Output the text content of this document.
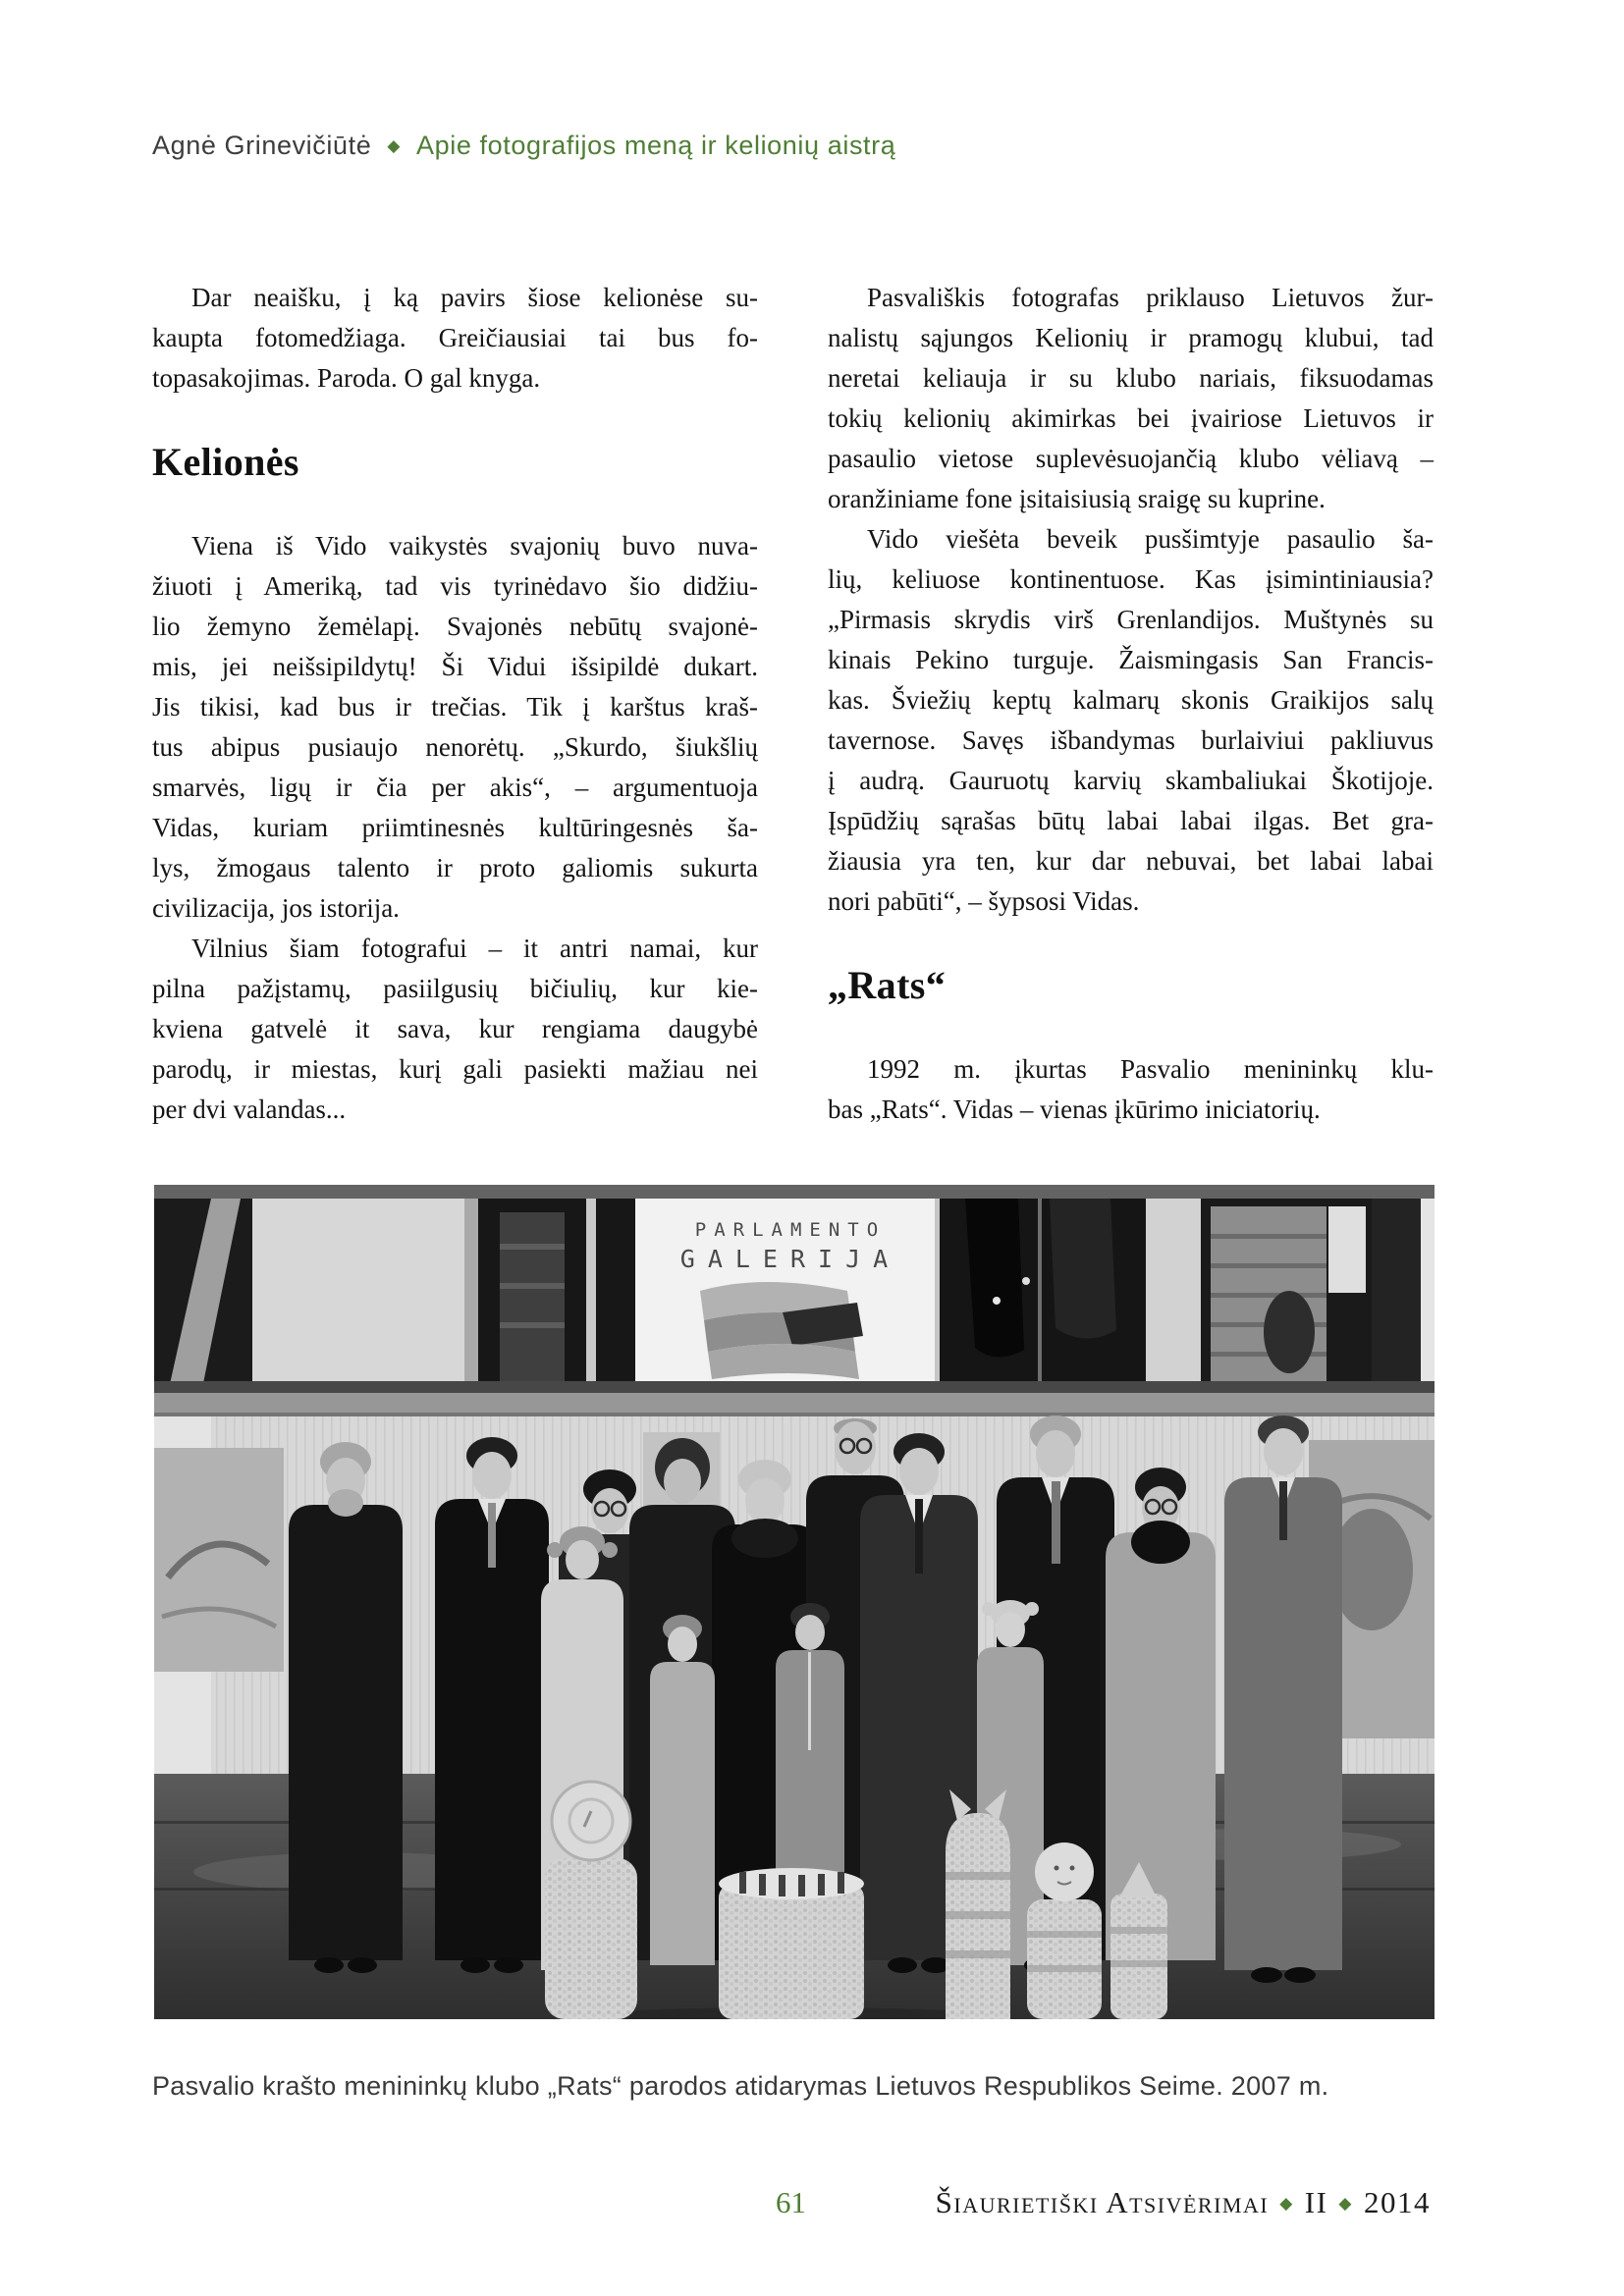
Agnė Grinevičiūtė ◆ Apie fotografijos meną ir kelionių aistrą
Dar neaišku, į ką pavirs šiose kelionėse su-
kaupta fotomedžiaga. Greičiausiai tai bus fo-
topasakojimas. Paroda. O gal knyga.
Kelionės
Viena iš Vido vaikystės svajonių buvo nuva-
žiuoti į Ameriką, tad vis tyrinėdavo šio didžiu-
lio žemyno žemėlapį. Svajonės nebūtų svajonė-
mis, jei neišsipildytų! Ši Vidui išsipildė dukart.
Jis tikisi, kad bus ir trečias. Tik į karštus kraš-
tus abipus pusiaujo nenorėtų. „Skurdo, šiukšlių
smarvės, ligų ir čia per akis“, – argumentuoja
Vidas, kuriam priimtinesnės kultūringesnės ša-
lys, žmogaus talento ir proto galiomis sukurta
civilizacija, jos istorija.
Vilnius šiam fotografui – it antri namai, kur
pilna pažįstamų, pasiilgusių bičiulių, kur kie-
kviena gatvelė it sava, kur rengiama daugybė
parodų, ir miestas, kurį gali pasiekti mažiau nei
per dvi valandas...
Pasvališkis fotografas priklauso Lietuvos žur-
nalistų sąjungos Kelionių ir pramogų klubui, tad
neretai keliauja ir su klubo nariais, fiksuodamas
tokių kelionių akimirkas bei įvairiose Lietuvos ir
pasaulio vietose suplevėsuojančią klubo vėliavą –
oranžiniame fone įsitaisiusią sraigę su kuprine.
Vido viešėta beveik pusšimtyje pasaulio ša-
lių, keliuose kontinentuose. Kas įsimintiniausia?
„Pirmasis skrydis virš Grenlandijos. Muštynės su
kinais Pekino turguje. Žaismingasis San Francis-
kas. Šviežių keptų kalmarų skonis Graikijos salų
tavernose. Savęs išbandymas burlaiviui pakliuvus
į audrą. Gauruotų karvių skambaliukai Škotijoje.
Įspūdžių sąrašas būtų labai labai ilgas. Bet gra-
žiausia yra ten, kur dar nebuvai, bet labai labai
nori pabūti“, – šypsosi Vidas.
„Rats“
1992 m. įkurtas Pasvalio menininkų klu-
bas „Rats“. Vidas – vienas įkūrimo iniciatorių.
PARLAMENTO
GALERIJA
Pasvalio krašto menininkų klubo „Rats“ parodos atidarymas Lietuvos Respublikos Seime. 2007 m.
61	Šiaurietiški Atsivėrimai ◆ II ◆ 2014
